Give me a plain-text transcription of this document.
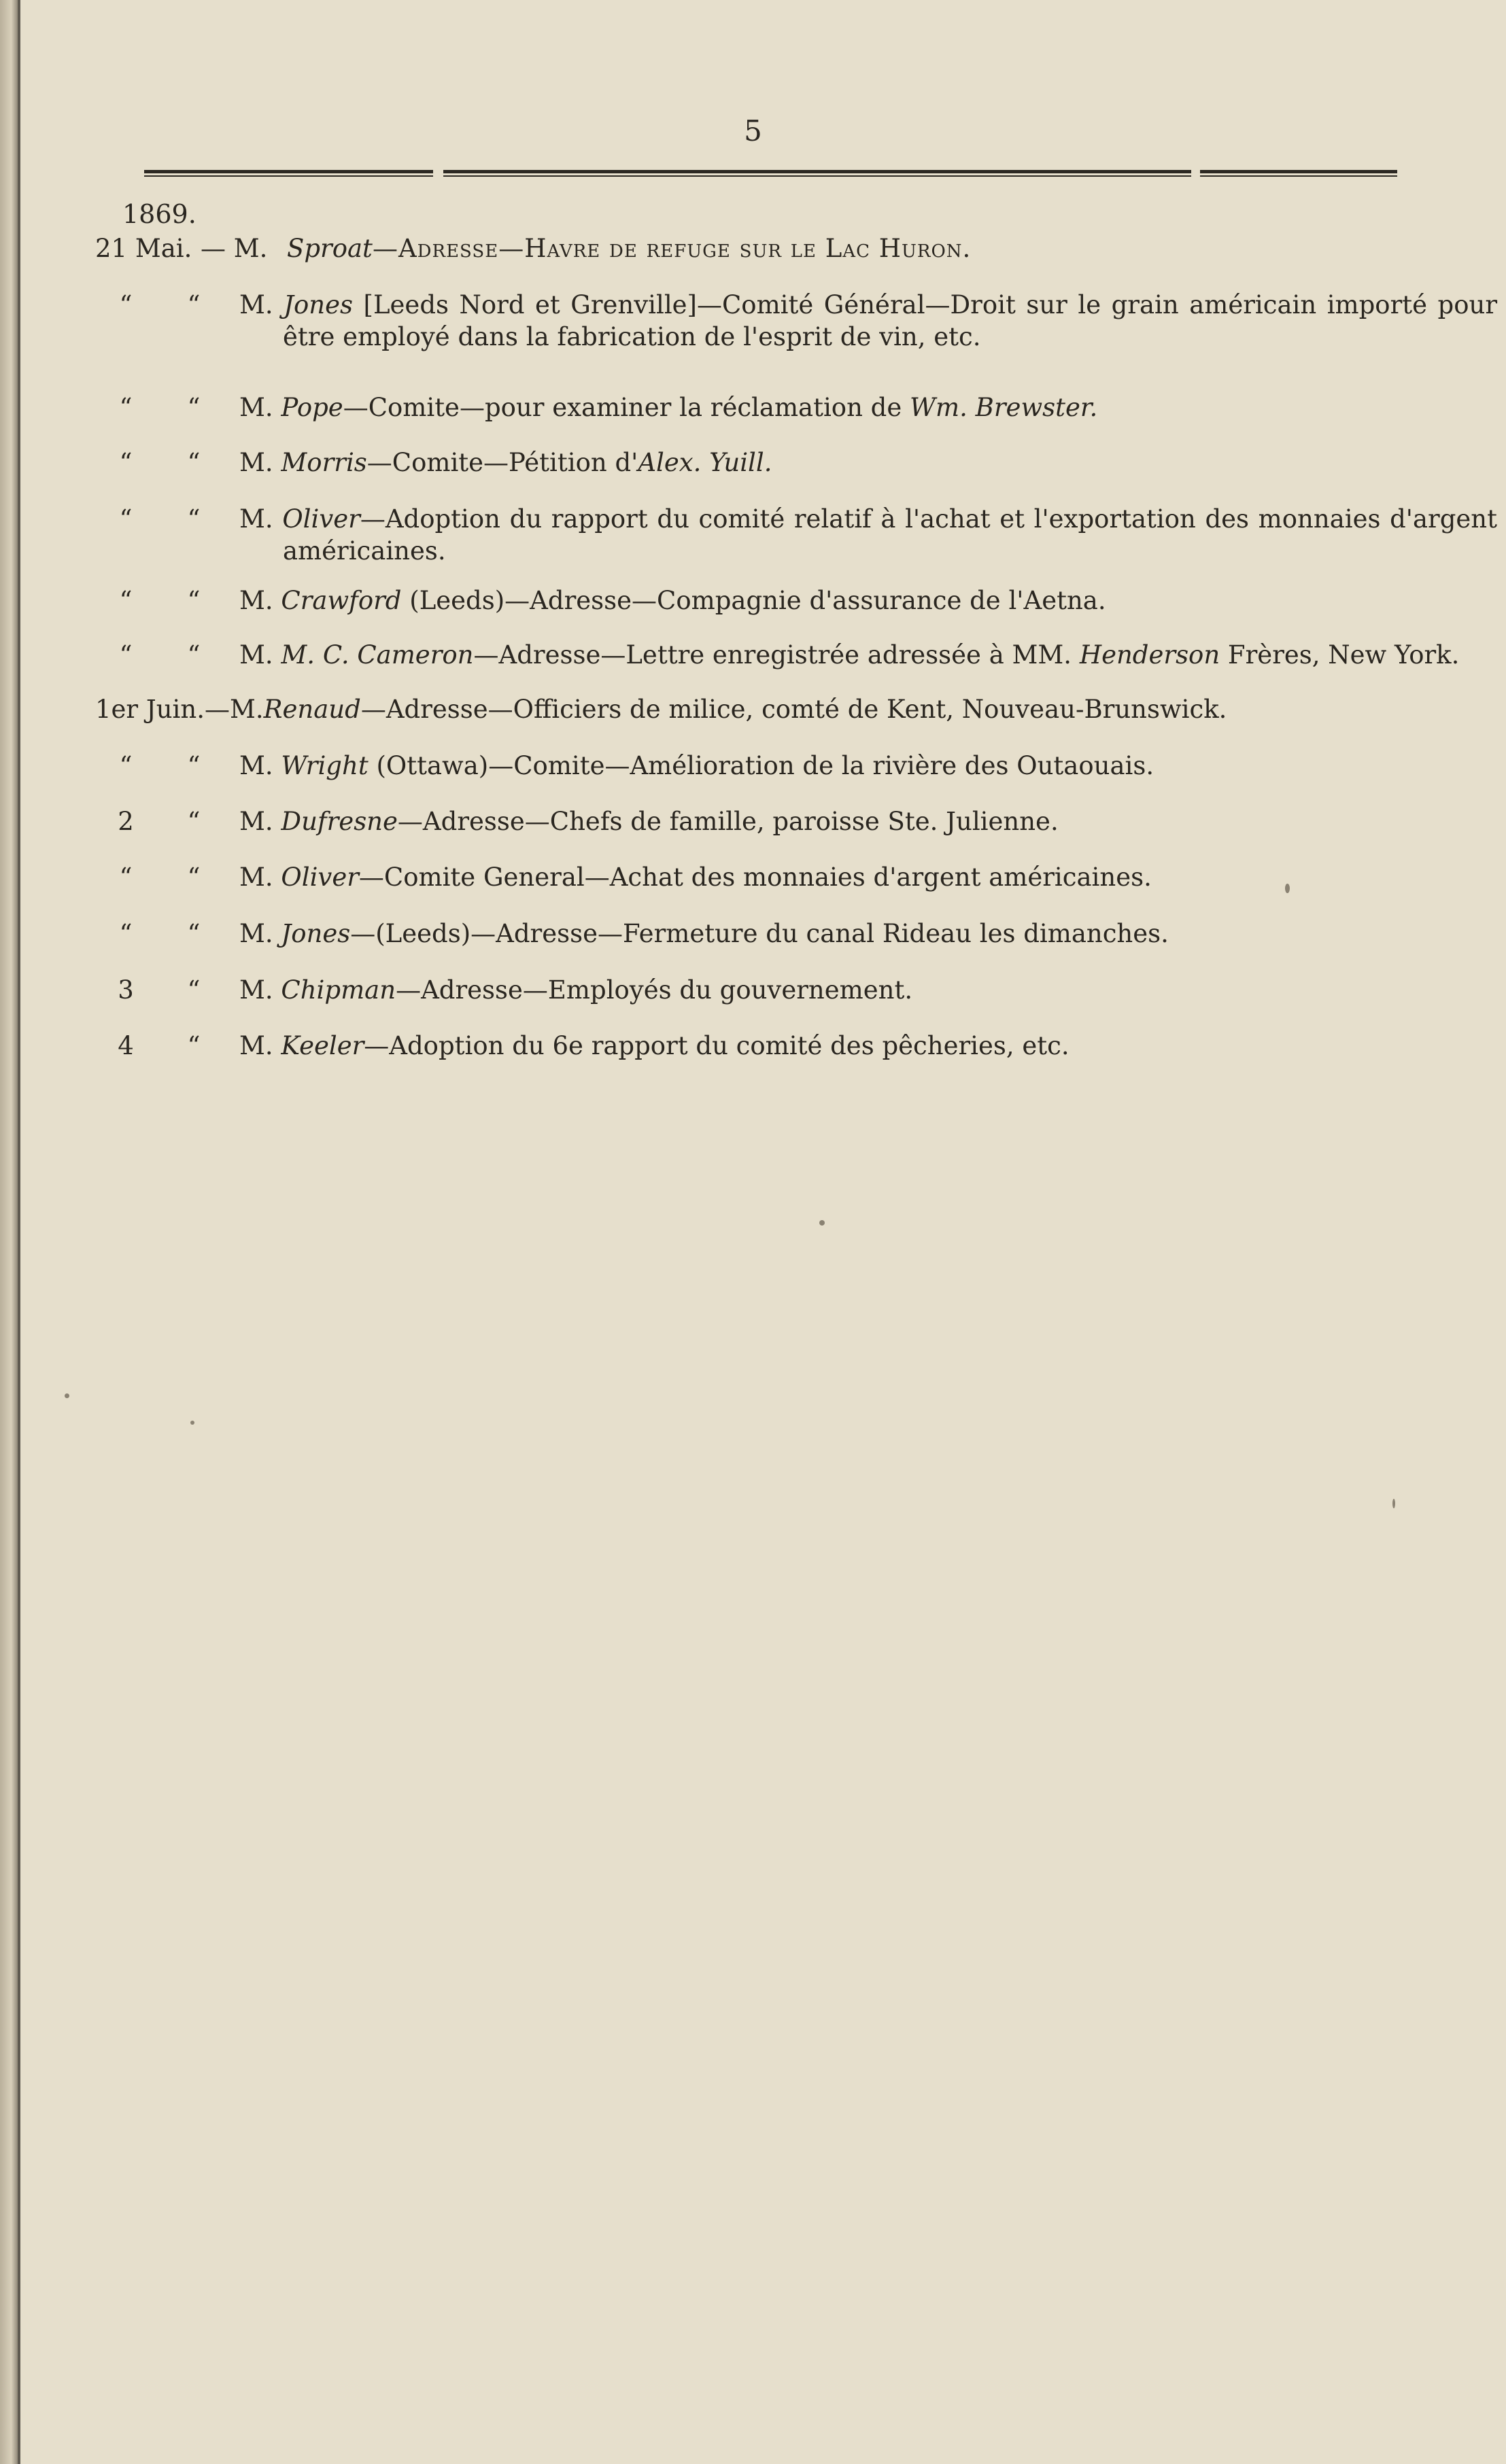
5
1869.
21 Mai. — M. Sproat—Adresse—Havre de refuge sur le Lac Huron.
“ “ M. Jones [Leeds Nord et Grenville]—Comité Général—Droit sur le grain américain importé pour
être employé dans la fabrication de l'esprit de vin, etc.
“ “ M. Pope—Comite—pour examiner la réclamation de Wm. Brewster.
“ “ M. Morris—Comite—Pétition d'Alex. Yuill.
“ “ M. Oliver—Adoption du rapport du comité relatif à l'achat et l'exportation des monnaies d'argent
américaines.
“ “ M. Crawford (Leeds)—Adresse—Compagnie d'assurance de l'Aetna.
“ “ M. M. C. Cameron—Adresse—Lettre enregistrée adressée à MM. Henderson Frères, New York.
1er Juin.—M.Renaud—Adresse—Officiers de milice, comté de Kent, Nouveau-Brunswick.
“ “ M. Wright (Ottawa)—Comite—Amélioration de la rivière des Outaouais.
2 “ M. Dufresne—Adresse—Chefs de famille, paroisse Ste. Julienne.
“ “ M. Oliver—Comite General—Achat des monnaies d'argent américaines.
“ “ M. Jones—(Leeds)—Adresse—Fermeture du canal Rideau les dimanches.
3 “ M. Chipman—Adresse—Employés du gouvernement.
4 “ M. Keeler—Adoption du 6e rapport du comité des pêcheries, etc.
